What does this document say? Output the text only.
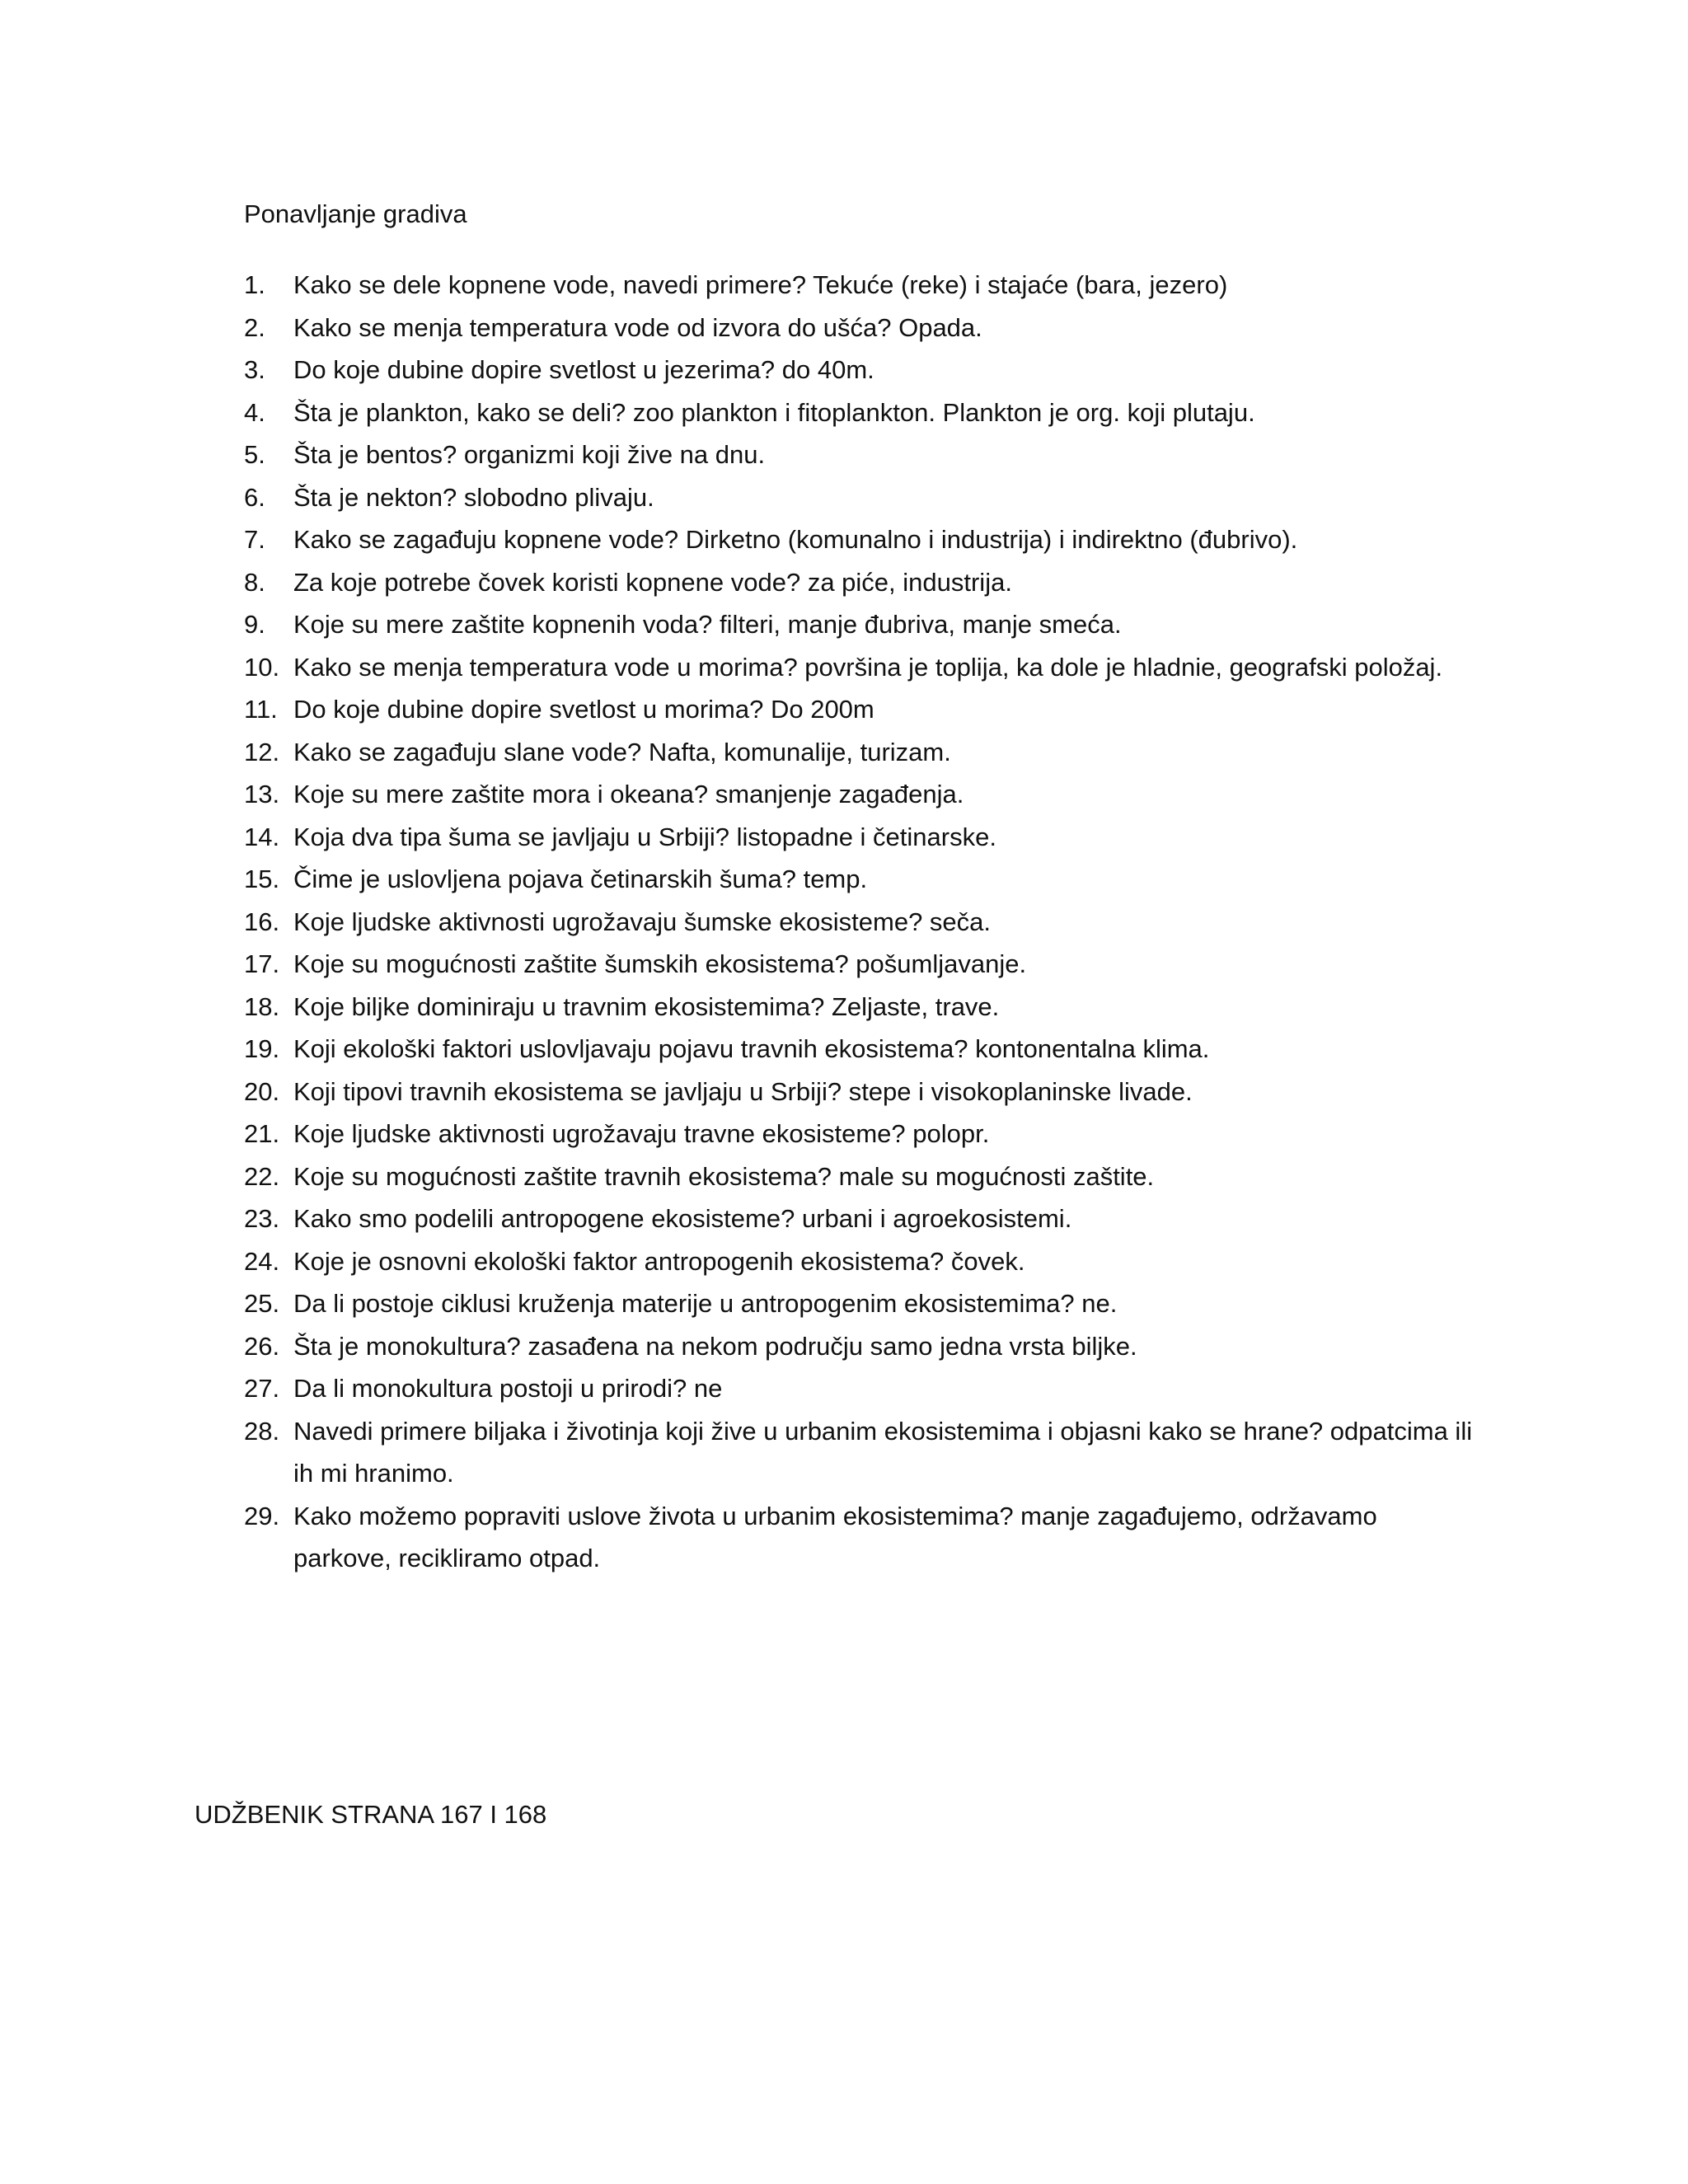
Ponavljanje gradiva
1. Kako se dele kopnene vode, navedi primere? Tekuće (reke) i stajaće (bara, jezero)
2. Kako se menja temperatura vode od izvora do ušća? Opada.
3. Do koje dubine dopire svetlost u jezerima? do 40m.
4. Šta je plankton, kako se deli? zoo plankton i fitoplankton. Plankton je org. koji plutaju.
5. Šta je bentos? organizmi koji žive na dnu.
6. Šta je nekton? slobodno plivaju.
7. Kako se zagađuju kopnene vode? Dirketno (komunalno i industrija) i indirektno (đubrivo).
8. Za koje potrebe čovek koristi kopnene vode? za piće, industrija.
9. Koje su mere zaštite kopnenih voda? filteri, manje đubriva, manje smeća.
10. Kako se menja temperatura vode u morima? površina je toplija, ka dole je hladnie, geografski položaj.
11. Do koje dubine dopire svetlost u morima? Do 200m
12. Kako se zagađuju slane vode? Nafta, komunalije, turizam.
13. Koje su mere zaštite mora i okeana? smanjenje zagađenja.
14. Koja dva tipa šuma se javljaju u Srbiji? listopadne i četinarske.
15. Čime je uslovljena pojava četinarskih šuma? temp.
16. Koje ljudske aktivnosti ugrožavaju šumske ekosisteme? seča.
17. Koje su mogućnosti zaštite šumskih ekosistema? pošumljavanje.
18. Koje biljke dominiraju u travnim ekosistemima? Zeljaste, trave.
19. Koji ekološki faktori uslovljavaju pojavu travnih ekosistema? kontonentalna klima.
20. Koji tipovi travnih ekosistema se javljaju u Srbiji? stepe i visokoplaninske livade.
21. Koje ljudske aktivnosti ugrožavaju travne ekosisteme? polopr.
22. Koje su mogućnosti zaštite travnih ekosistema? male su mogućnosti zaštite.
23. Kako smo podelili antropogene ekosisteme? urbani i agroekosistemi.
24. Koje je osnovni ekološki faktor antropogenih ekosistema? čovek.
25. Da li postoje ciklusi kruženja materije u antropogenim ekosistemima? ne.
26. Šta je monokultura? zasađena na nekom području samo jedna vrsta biljke.
27. Da li monokultura postoji u prirodi? ne
28. Navedi primere biljaka i životinja koji žive u urbanim ekosistemima i objasni kako se hrane? odpatcima ili ih mi hranimo.
29. Kako možemo popraviti uslove života u urbanim ekosistemima? manje zagađujemo, održavamo parkove, recikliramo otpad.
UDŽBENIK STRANA 167 I 168
